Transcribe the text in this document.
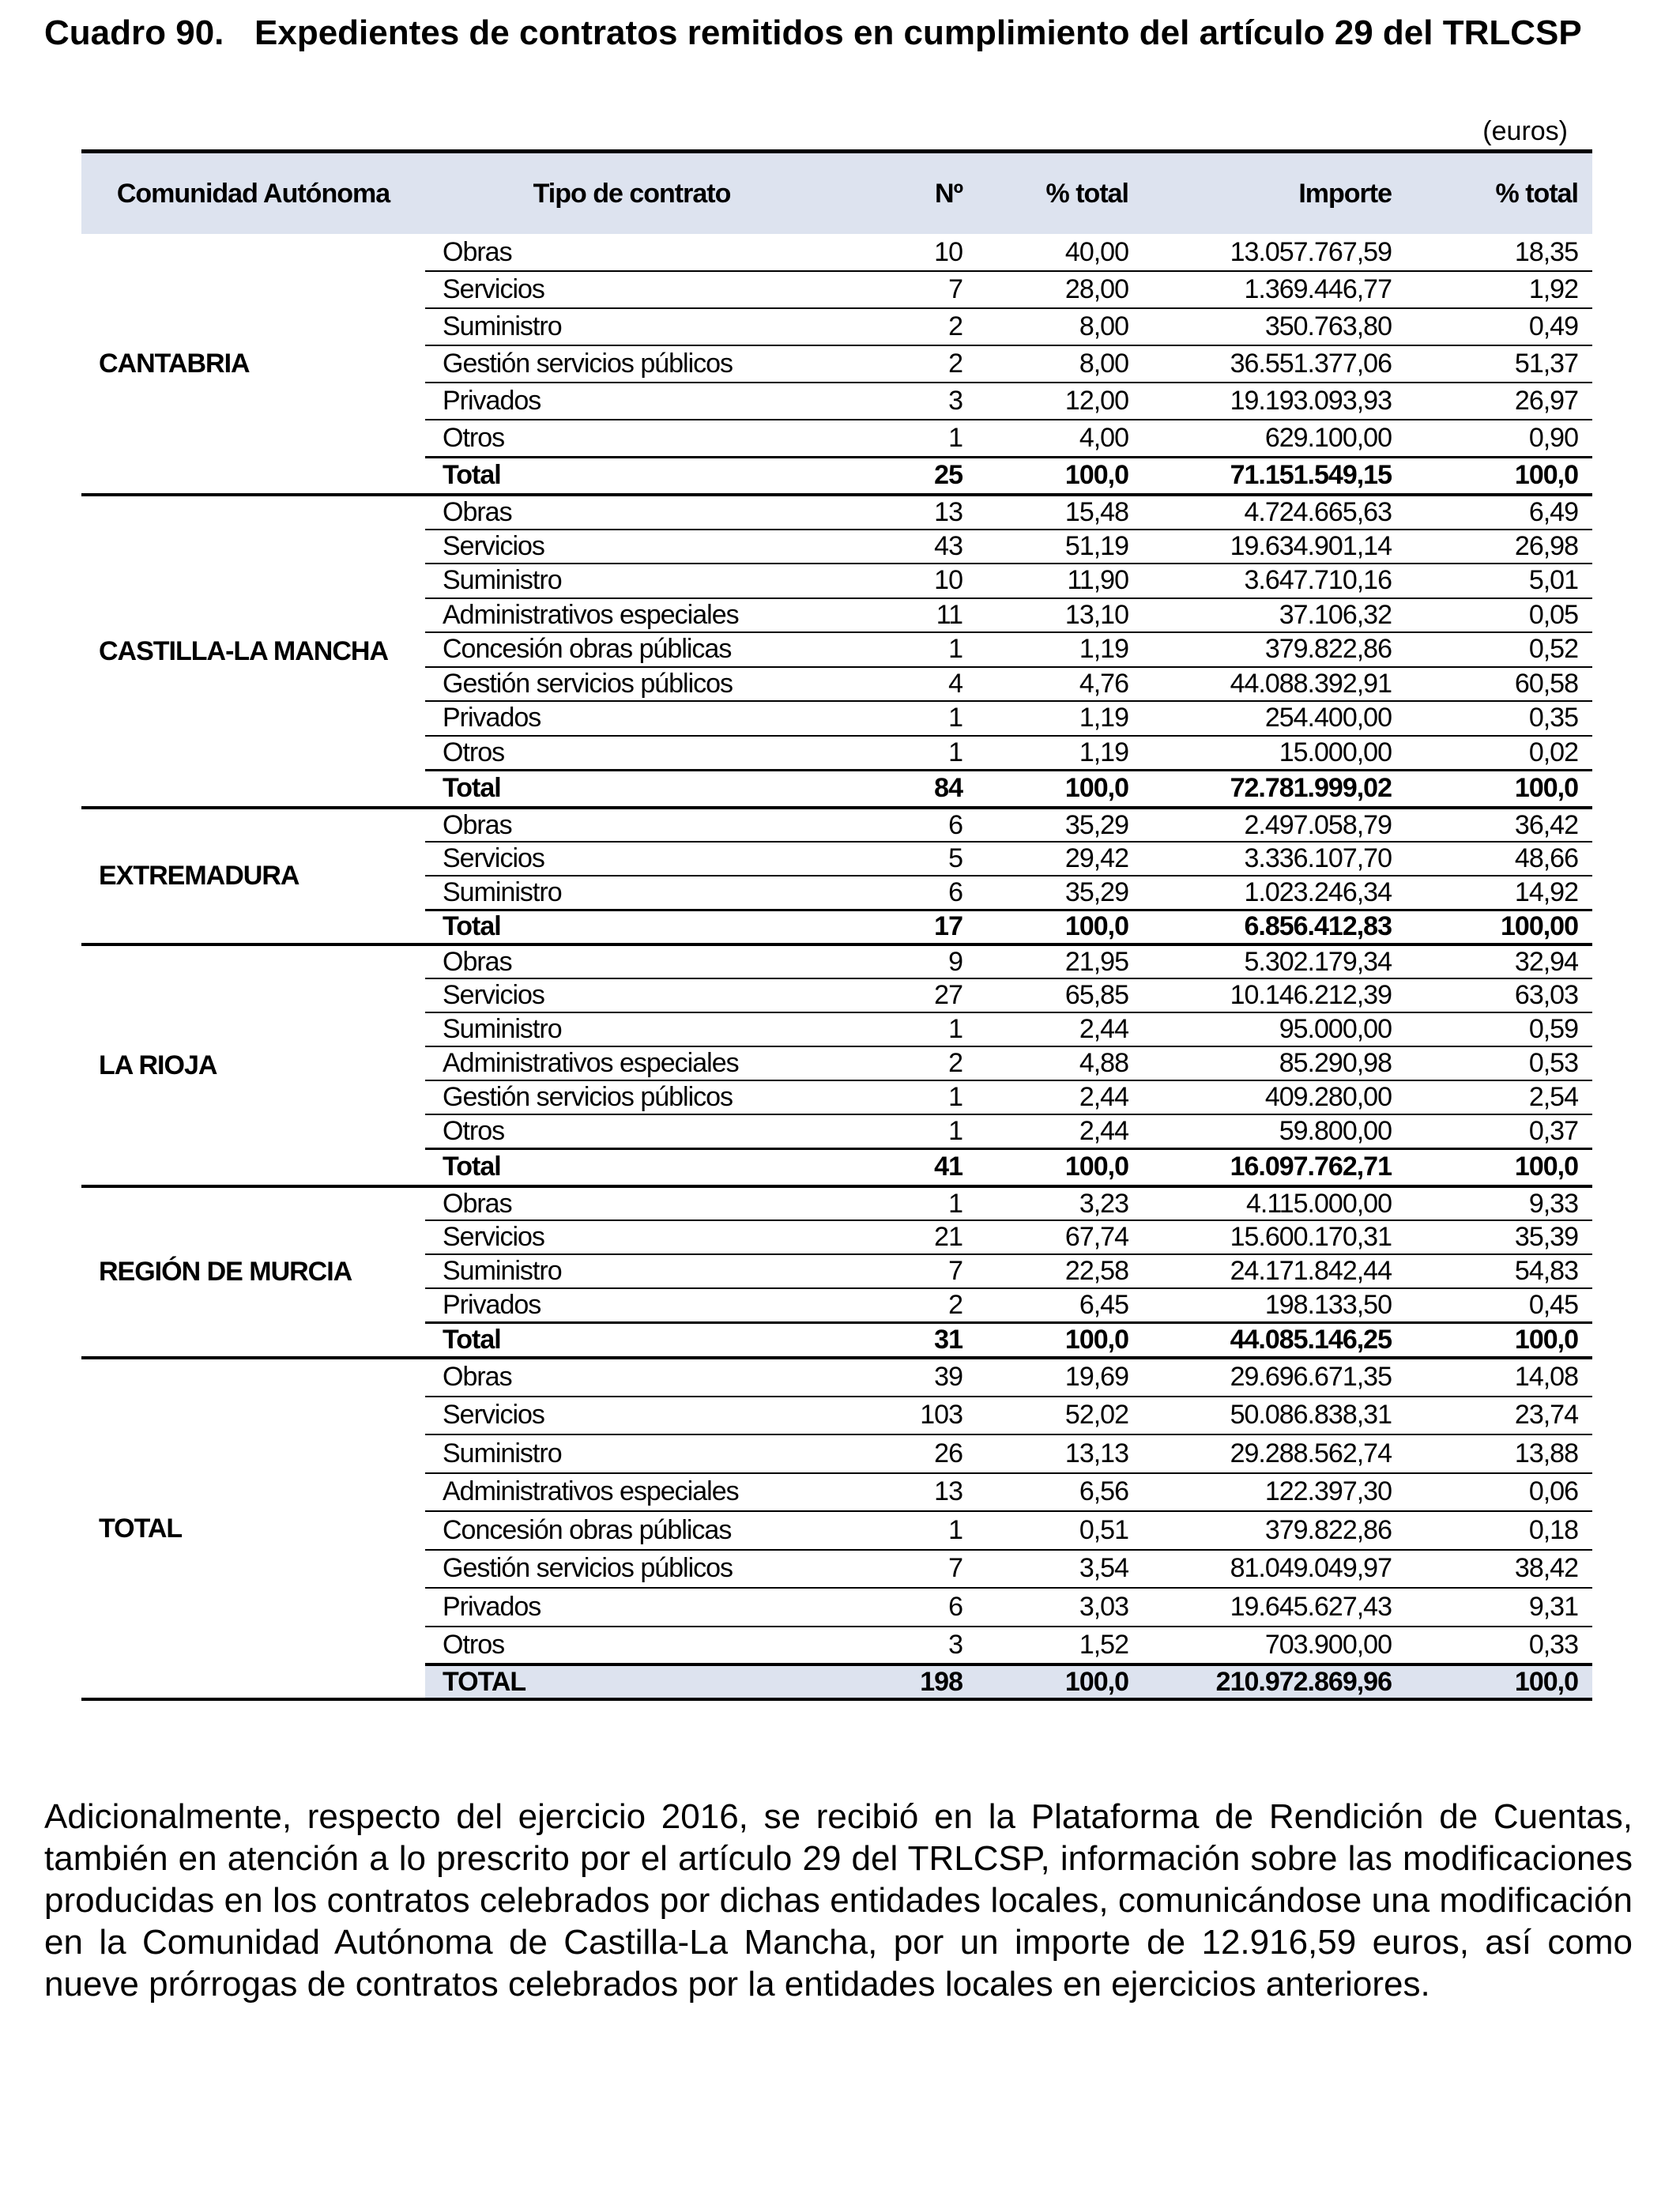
Cuadro 90. Expedientes de contratos remitidos en cumplimiento del artículo 29 del TRLCSP
(euros)
Comunidad Autónoma	Tipo de contrato	Nº	% total	Importe	% total
CANTABRIA	Obras	10	40,00	13.057.767,59	18,35
	Servicios	7	28,00	1.369.446,77	1,92
	Suministro	2	8,00	350.763,80	0,49
	Gestión servicios públicos	2	8,00	36.551.377,06	51,37
	Privados	3	12,00	19.193.093,93	26,97
	Otros	1	4,00	629.100,00	0,90
	Total	25	100,0	71.151.549,15	100,0
CASTILLA-LA MANCHA	Obras	13	15,48	4.724.665,63	6,49
	Servicios	43	51,19	19.634.901,14	26,98
	Suministro	10	11,90	3.647.710,16	5,01
	Administrativos especiales	11	13,10	37.106,32	0,05
	Concesión obras públicas	1	1,19	379.822,86	0,52
	Gestión servicios públicos	4	4,76	44.088.392,91	60,58
	Privados	1	1,19	254.400,00	0,35
	Otros	1	1,19	15.000,00	0,02
	Total	84	100,0	72.781.999,02	100,0
EXTREMADURA	Obras	6	35,29	2.497.058,79	36,42
	Servicios	5	29,42	3.336.107,70	48,66
	Suministro	6	35,29	1.023.246,34	14,92
	Total	17	100,0	6.856.412,83	100,00
LA RIOJA	Obras	9	21,95	5.302.179,34	32,94
	Servicios	27	65,85	10.146.212,39	63,03
	Suministro	1	2,44	95.000,00	0,59
	Administrativos especiales	2	4,88	85.290,98	0,53
	Gestión servicios públicos	1	2,44	409.280,00	2,54
	Otros	1	2,44	59.800,00	0,37
	Total	41	100,0	16.097.762,71	100,0
REGIÓN DE MURCIA	Obras	1	3,23	4.115.000,00	9,33
	Servicios	21	67,74	15.600.170,31	35,39
	Suministro	7	22,58	24.171.842,44	54,83
	Privados	2	6,45	198.133,50	0,45
	Total	31	100,0	44.085.146,25	100,0
TOTAL	Obras	39	19,69	29.696.671,35	14,08
	Servicios	103	52,02	50.086.838,31	23,74
	Suministro	26	13,13	29.288.562,74	13,88
	Administrativos especiales	13	6,56	122.397,30	0,06
	Concesión obras públicas	1	0,51	379.822,86	0,18
	Gestión servicios públicos	7	3,54	81.049.049,97	38,42
	Privados	6	3,03	19.645.627,43	9,31
	Otros	3	1,52	703.900,00	0,33
	TOTAL	198	100,0	210.972.869,96	100,0
Adicionalmente, respecto del ejercicio 2016, se recibió en la Plataforma de Rendición de Cuentas, también en atención a lo prescrito por el artículo 29 del TRLCSP, información sobre las modificaciones producidas en los contratos celebrados por dichas entidades locales, comunicándose una modificación en la Comunidad Autónoma de Castilla-La Mancha, por un importe de 12.916,59 euros, así como nueve prórrogas de contratos celebrados por la entidades locales en ejercicios anteriores.
